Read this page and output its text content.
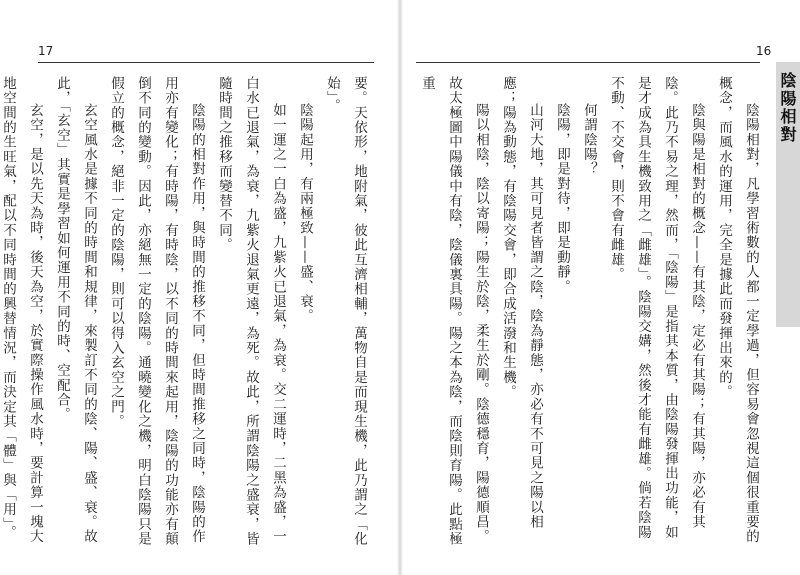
17

要。天依形，地附氣，彼此互濟相輔，萬物自是而現生機，此乃謂之「化始」。

陰陽起用，有兩極致——盛、衰。

如一運之一白為盛，九紫火已退氣，為衰。交二運時，二黑為盛，一白水已退氣，為衰，九紫火退氣更遠，為死。故此，所謂陰陽之盛衰，皆隨時間之推移而變替不同。

陰陽的相對作用，與時間的推移不同，但時間推移之同時，陰陽的作用亦有變化；有時陽，有時陰，以不同的時間來起用，陰陽的功能亦有顛倒不同的變動。因此，亦絕無一定的陰陽。通曉變化之機，明白陰陽只是假立的概念，絕非一定的陰陽，則可以得入玄空之門。

玄空風水是據不同的時間和規律，來製訂不同的陰、陽、盛、衰。故此，「玄空」其實是學習如何運用不同的時、空配合。

玄空，是以先天為時，後天為空，於實際操作風水時，要計算一塊大地空間的生旺氣，配以不同時間的興替情況，而決定其「體」與「用」。

16
陰陽相對

陰陽相對，凡學習術數的人都一定學過，但容易會忽視這個很重要的概念，而風水的運用，完全是據此而發揮出來的。

陰與陽是相對的概念——有其陰，定必有其陽；有其陽，亦必有其陰。此乃不易之理，然而，「陰陽」是指其本質，由陰陽發揮出功能，如是才成為具生機致用之「雌雄」。陰陽交媾，然後才能有雌雄。倘若陰陽不動、不交會，則不會有雌雄。

何謂陰陽？

陰陽，即是對待，即是動靜。

山河大地，其可見者皆謂之陰，陰為靜態，亦必有不可見之陽以相應；陽為動態，有陰陽交會，即合成活潑和生機。

陽以相陰，陰以寄陽；陽生於陰，柔生於剛。陰德穩育，陽德順昌。故太極圖中陽儀中有陰，陰儀裏具陽。陽之本為陰，而陰則育陽。此點極重
